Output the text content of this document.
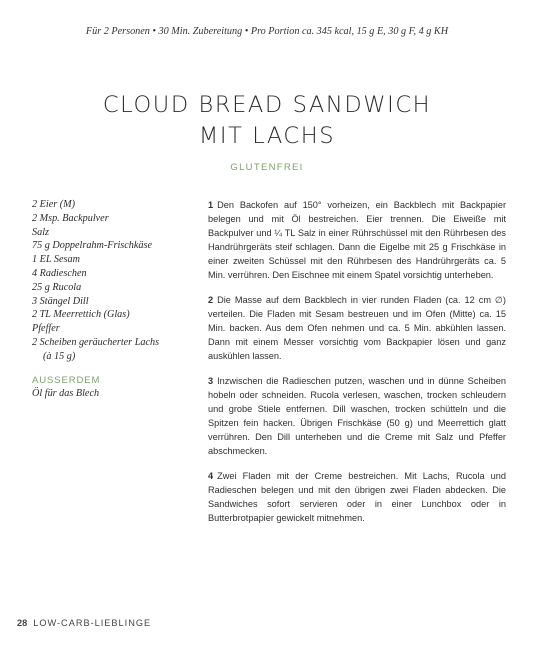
Für 2 Personen • 30 Min. Zubereitung • Pro Portion ca. 345 kcal, 15 g E, 30 g F, 4 g KH
CLOUD BREAD SANDWICH
MIT LACHS
GLUTENFREI
2 Eier (M)
2 Msp. Backpulver
Salz
75 g Doppelrahm-Frischkäse
1 EL Sesam
4 Radieschen
25 g Rucola
3 Stängel Dill
2 TL Meerrettich (Glas)
Pfeffer
2 Scheiben geräucherter Lachs
(à 15 g)
AUSSERDEM
Öl für das Blech

1 Den Backofen auf 150° vorheizen, ein Backblech mit Backpapier belegen und mit Öl bestreichen. Eier trennen. Die Eiweiße mit Backpulver und ¼ TL Salz in einer Rührschüssel mit den Rührbesen des Handrührgeräts steif schlagen. Dann die Eigelbe mit 25 g Frischkäse in einer zweiten Schüssel mit den Rührbesen des Handrührgeräts ca. 5 Min. verrühren. Den Eischnee mit einem Spatel vorsichtig unterheben.

2 Die Masse auf dem Backblech in vier runden Fladen (ca. 12 cm ∅) verteilen. Die Fladen mit Sesam bestreuen und im Ofen (Mitte) ca. 15 Min. backen. Aus dem Ofen nehmen und ca. 5 Min. abkühlen lassen. Dann mit einem Messer vorsichtig vom Backpapier lösen und ganz auskühlen lassen.

3 Inzwischen die Radieschen putzen, waschen und in dünne Scheiben hobeln oder schneiden. Rucola verlesen, waschen, trocken schleudern und grobe Stiele entfernen. Dill waschen, trocken schütteln und die Spitzen fein hacken. Übrigen Frischkäse (50 g) und Meerrettich glatt verrühren. Den Dill unterheben und die Creme mit Salz und Pfeffer abschmecken.

4 Zwei Fladen mit der Creme bestreichen. Mit Lachs, Rucola und Radieschen belegen und mit den übrigen zwei Fladen abdecken. Die Sandwiches sofort servieren oder in einer Lunchbox oder in Butterbrotpapier gewickelt mitnehmen.

28 LOW-CARB-LIEBLINGE
